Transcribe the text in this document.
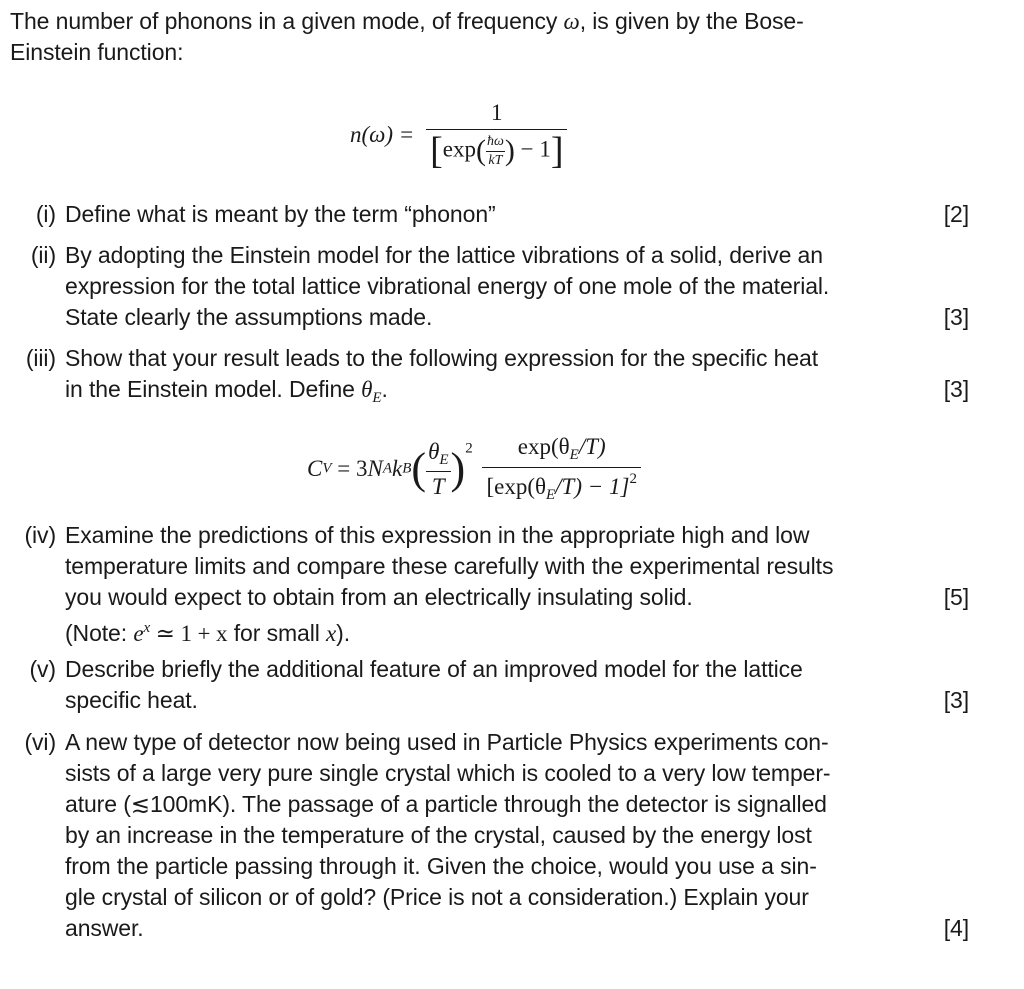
The number of phonons in a given mode, of frequency ω, is given by the Bose-
Einstein function:
$n(\omega) = \frac{1}{[\exp( \frac{ħ\omega}{kT} ) - 1]}$
(i) Define what is meant by the term “phonon”	[2]
(ii) By adopting the Einstein model for the lattice vibrations of a solid, derive an
expression for the total lattice vibrational energy of one mole of the material.
State clearly the assumptions made.	[3]
(iii) Show that your result leads to the following expression for the specific heat
in the Einstein model. Define $\theta_E$.	[3]
CV = 3NAkB( $\frac{\theta_E}{T} )^2 \frac{\exp(\theta_E/T)}{[\exp(\theta_E/T) - 1]^2}$
(iv) Examine the predictions of this expression in the appropriate high and low
temperature limits and compare these carefully with the experimental results
you would expect to obtain from an electrically insulating solid.
(Note: $e^x$ ≃ 1 + x for small x).
[5]
(v) Describe briefly the additional feature of an improved model for the lattice
specific heat.	[3]
(vi) A new type of detector now being used in Particle Physics experiments con-
sists of a large very pure single crystal which is cooled to a very low temper-
ature (≲100mK). The passage of a particle through the detector is signalled
by an increase in the temperature of the crystal, caused by the energy lost
from the particle passing through it. Given the choice, would you use a sin-
gle crystal of silicon or of gold? (Price is not a consideration.) Explain your
answer.	[4]
